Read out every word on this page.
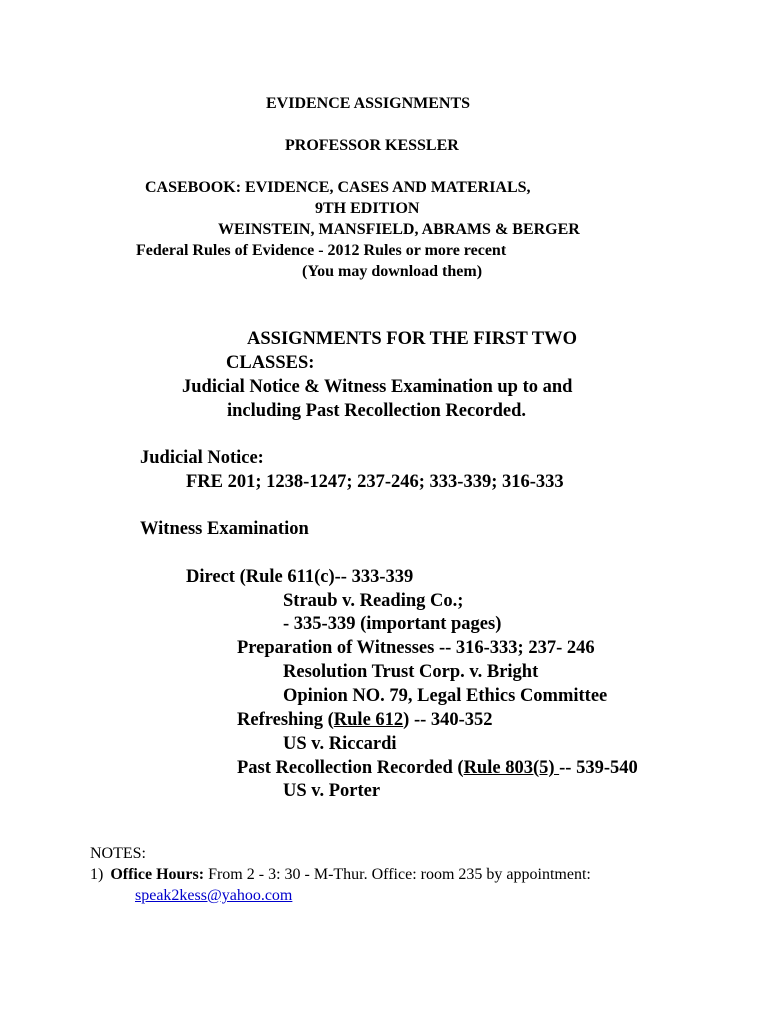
EVIDENCE ASSIGNMENTS
PROFESSOR KESSLER
CASEBOOK: EVIDENCE, CASES AND MATERIALS,
9TH EDITION
WEINSTEIN, MANSFIELD, ABRAMS & BERGER
Federal Rules of Evidence - 2012 Rules or more recent
(You may download them)
ASSIGNMENTS FOR THE FIRST TWO
CLASSES:
Judicial Notice & Witness Examination up to and
including Past Recollection Recorded.
Judicial Notice:
FRE 201; 1238-1247; 237-246; 333-339; 316-333
Witness Examination
Direct (Rule 611(c)-- 333-339
Straub v. Reading Co.;
- 335-339 (important pages)
Preparation of Witnesses -- 316-333; 237- 246
Resolution Trust Corp. v. Bright
Opinion NO. 79, Legal Ethics Committee
Refreshing (Rule 612) -- 340-352
US v. Riccardi
Past Recollection Recorded (Rule 803(5) -- 539-540
US v. Porter
NOTES:
1) Office Hours: From 2 - 3: 30 - M-Thur. Office: room 235 by appointment:
speak2kess@yahoo.com
